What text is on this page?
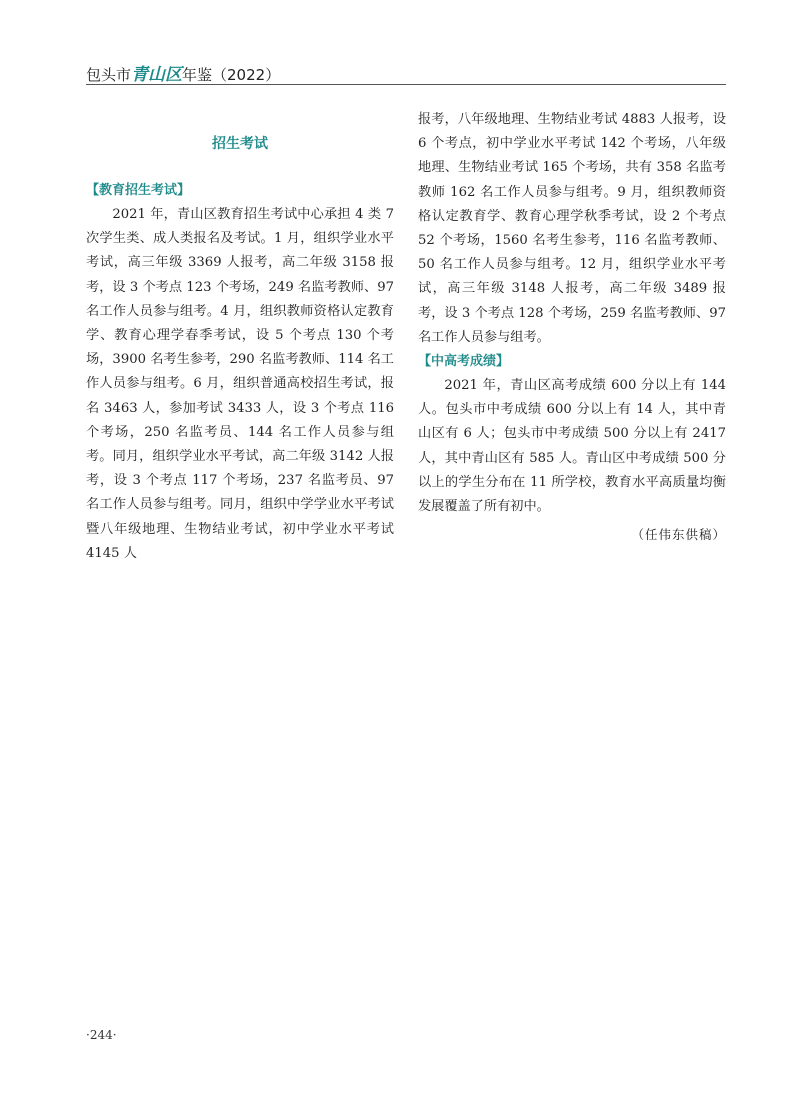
包头市青山区年鉴（2022）
招生考试
【教育招生考试】

2021 年，青山区教育招生考试中心承担 4 类 7 次学生类、成人类报名及考试。1 月，组织学业水平考试，高三年级 3369 人报考，高二年级 3158 报考，设 3 个考点 123 个考场，249 名监考教师、97 名工作人员参与组考。4 月，组织教师资格认定教育学、教育心理学春季考试，设 5 个考点 130 个考场，3900 名考生参考，290 名监考教师、114 名工作人员参与组考。6 月，组织普通高校招生考试，报名 3463 人，参加考试 3433 人，设 3 个考点 116 个考场，250 名监考员、144 名工作人员参与组考。同月，组织学业水平考试，高二年级 3142 人报考，设 3 个考点 117 个考场，237 名监考员、97 名工作人员参与组考。同月，组织中学学业水平考试暨八年级地理、生物结业考试，初中学业水平考试 4145 人

报考，八年级地理、生物结业考试 4883 人报考，设 6 个考点，初中学业水平考试 142 个考场，八年级地理、生物结业考试 165 个考场，共有 358 名监考教师 162 名工作人员参与组考。9 月，组织教师资格认定教育学、教育心理学秋季考试，设 2 个考点 52 个考场，1560 名考生参考，116 名监考教师、50 名工作人员参与组考。12 月，组织学业水平考试，高三年级 3148 人报考，高二年级 3489 报考，设 3 个考点 128 个考场，259 名监考教师、97 名工作人员参与组考。

【中高考成绩】

2021 年，青山区高考成绩 600 分以上有 144 人。包头市中考成绩 600 分以上有 14 人，其中青山区有 6 人；包头市中考成绩 500 分以上有 2417 人，其中青山区有 585 人。青山区中考成绩 500 分以上的学生分布在 11 所学校，教育水平高质量均衡发展覆盖了所有初中。

（任伟东供稿）
·244·
